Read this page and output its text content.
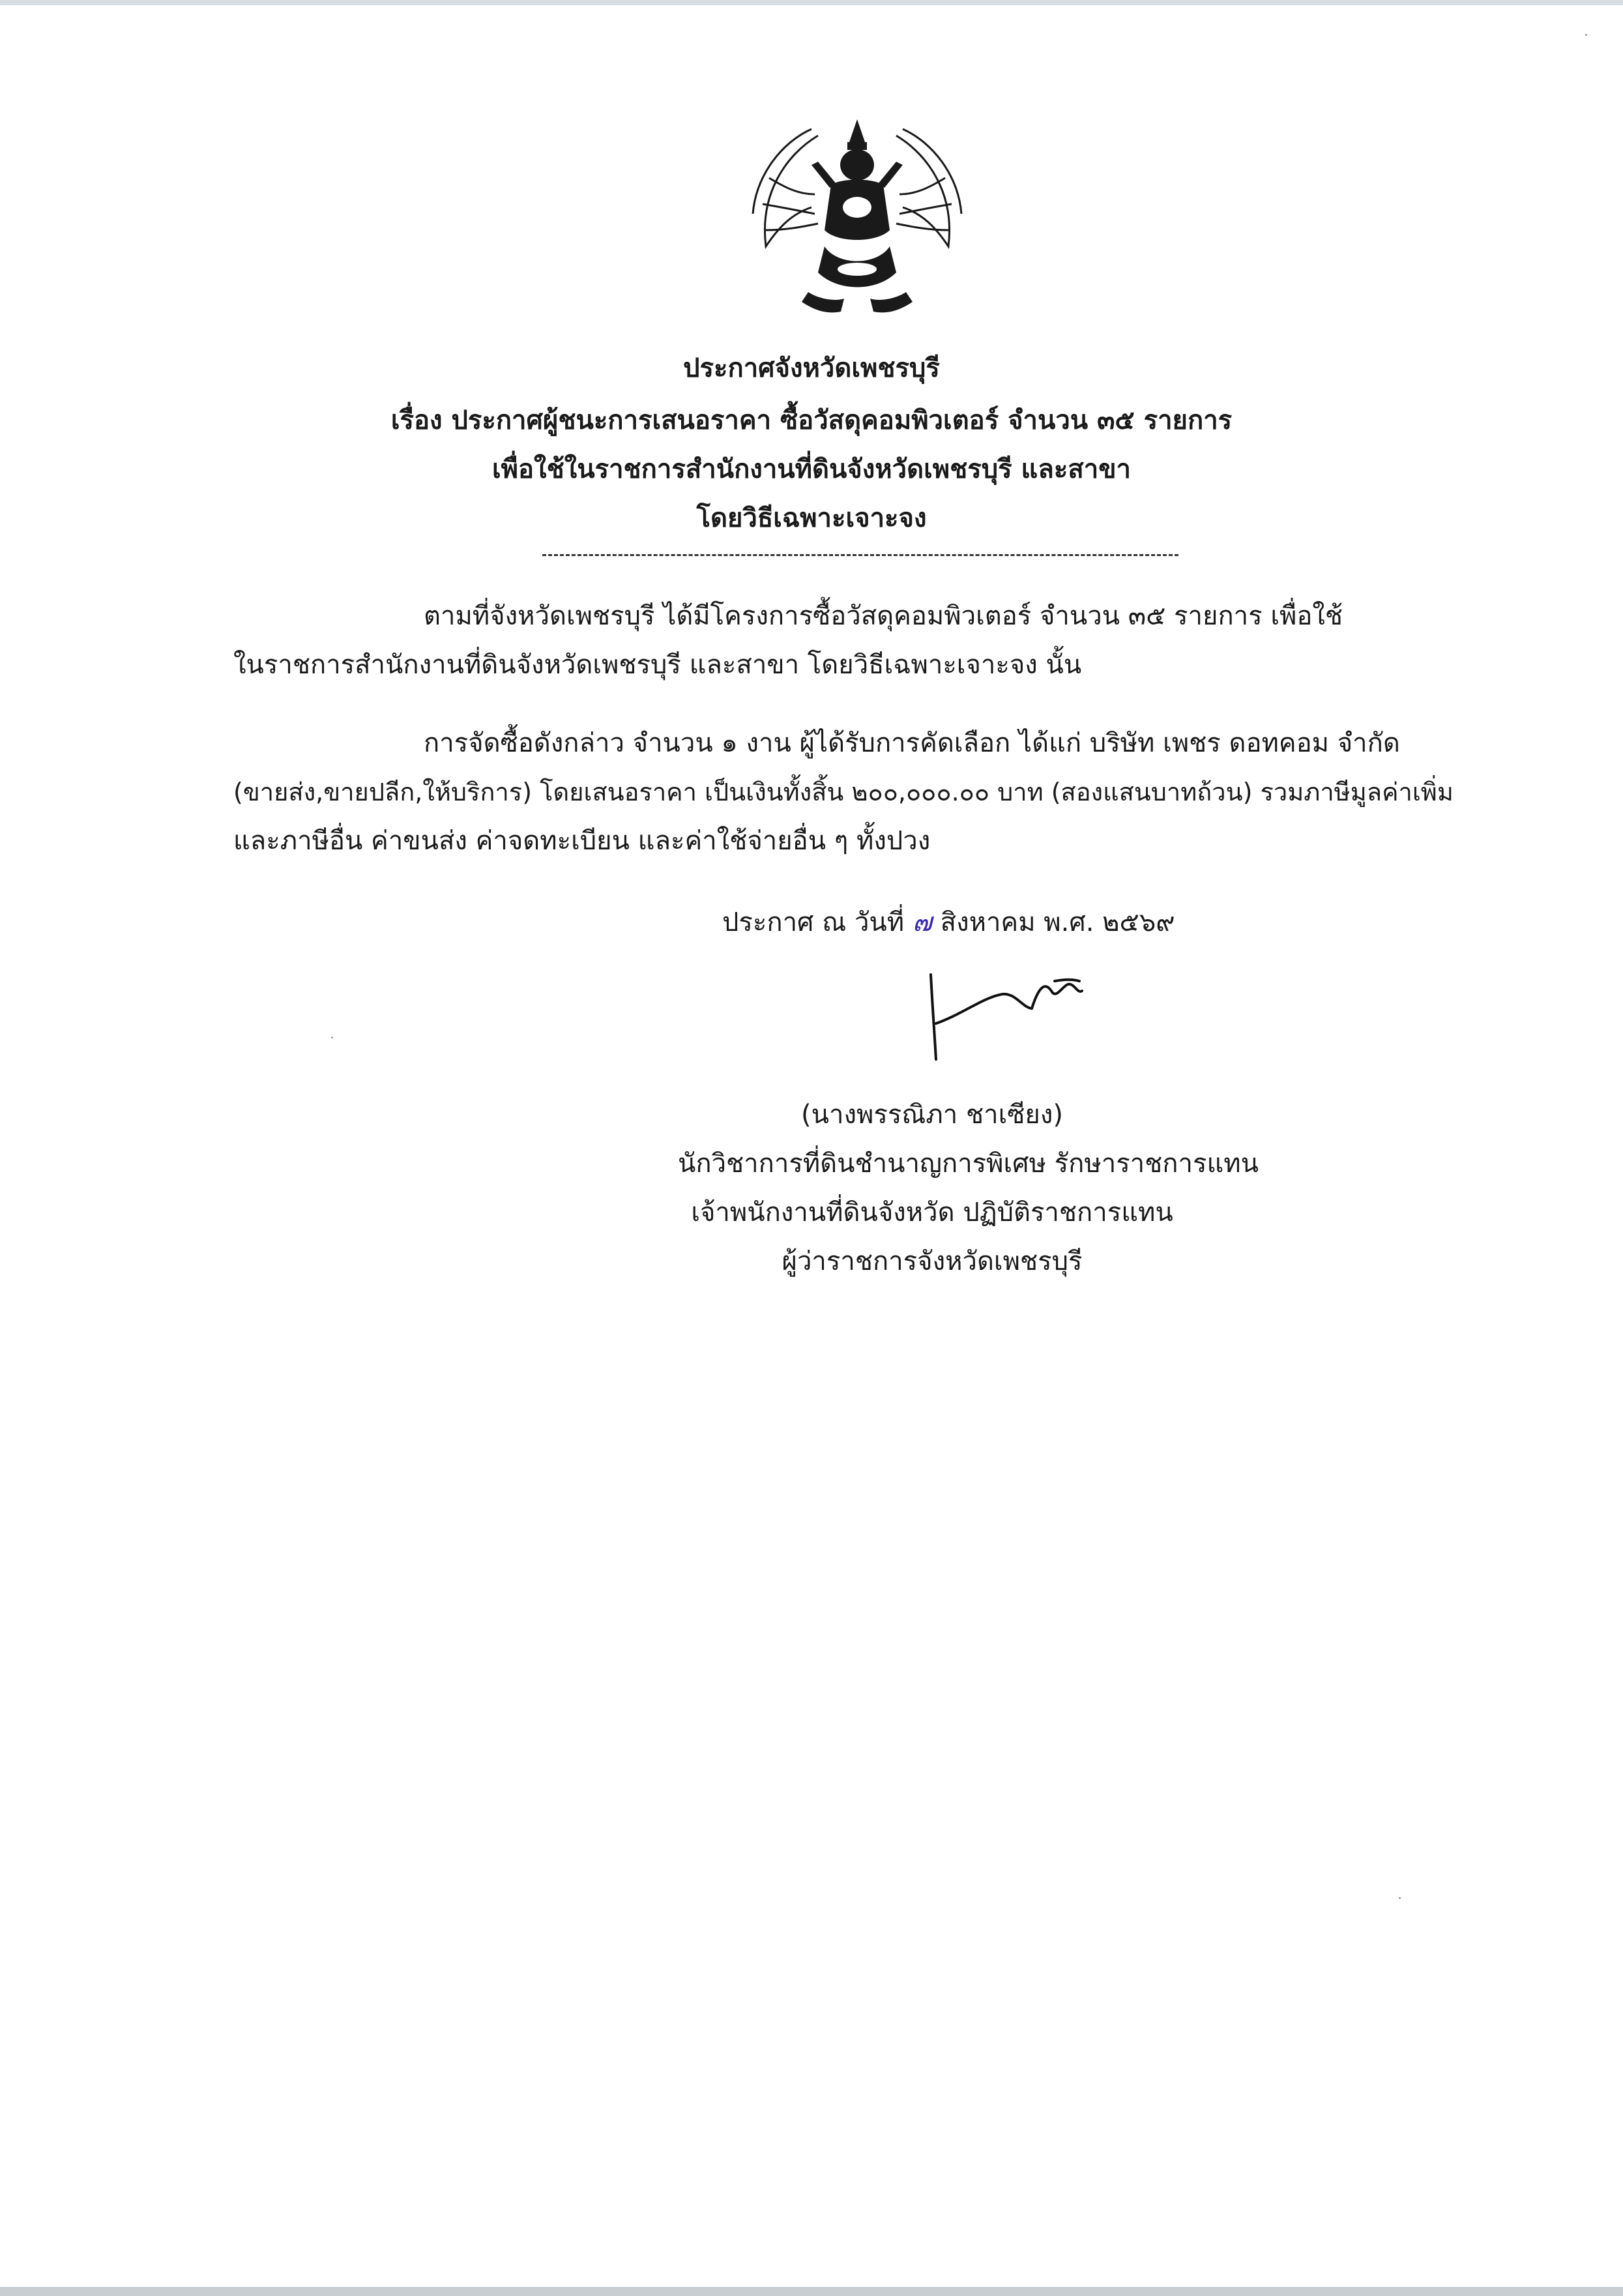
ประกาศจังหวัดเพชรบุรี
เรื่อง ประกาศผู้ชนะการเสนอราคา ซื้อวัสดุคอมพิวเตอร์ จำนวน ๓๕ รายการ
เพื่อใช้ในราชการสำนักงานที่ดินจังหวัดเพชรบุรี และสาขา
โดยวิธีเฉพาะเจาะจง
ตามที่จังหวัดเพชรบุรี ได้มีโครงการซื้อวัสดุคอมพิวเตอร์ จำนวน ๓๕ รายการ เพื่อใช้
ในราชการสำนักงานที่ดินจังหวัดเพชรบุรี และสาขา โดยวิธีเฉพาะเจาะจง นั้น
การจัดซื้อดังกล่าว จำนวน ๑ งาน ผู้ได้รับการคัดเลือก ได้แก่ บริษัท เพชร ดอทคอม จำกัด
(ขายส่ง,ขายปลีก,ให้บริการ) โดยเสนอราคา เป็นเงินทั้งสิ้น ๒๐๐,๐๐๐.๐๐ บาท (สองแสนบาทถ้วน) รวมภาษีมูลค่าเพิ่ม
และภาษีอื่น ค่าขนส่ง ค่าจดทะเบียน และค่าใช้จ่ายอื่น ๆ ทั้งปวง
ประกาศ ณ วันที่ ๗ สิงหาคม พ.ศ. ๒๕๖๙
(นางพรรณิภา ชาเซียง)
นักวิชาการที่ดินชำนาญการพิเศษ รักษาราชการแทน
เจ้าพนักงานที่ดินจังหวัด ปฏิบัติราชการแทน
ผู้ว่าราชการจังหวัดเพชรบุรี
